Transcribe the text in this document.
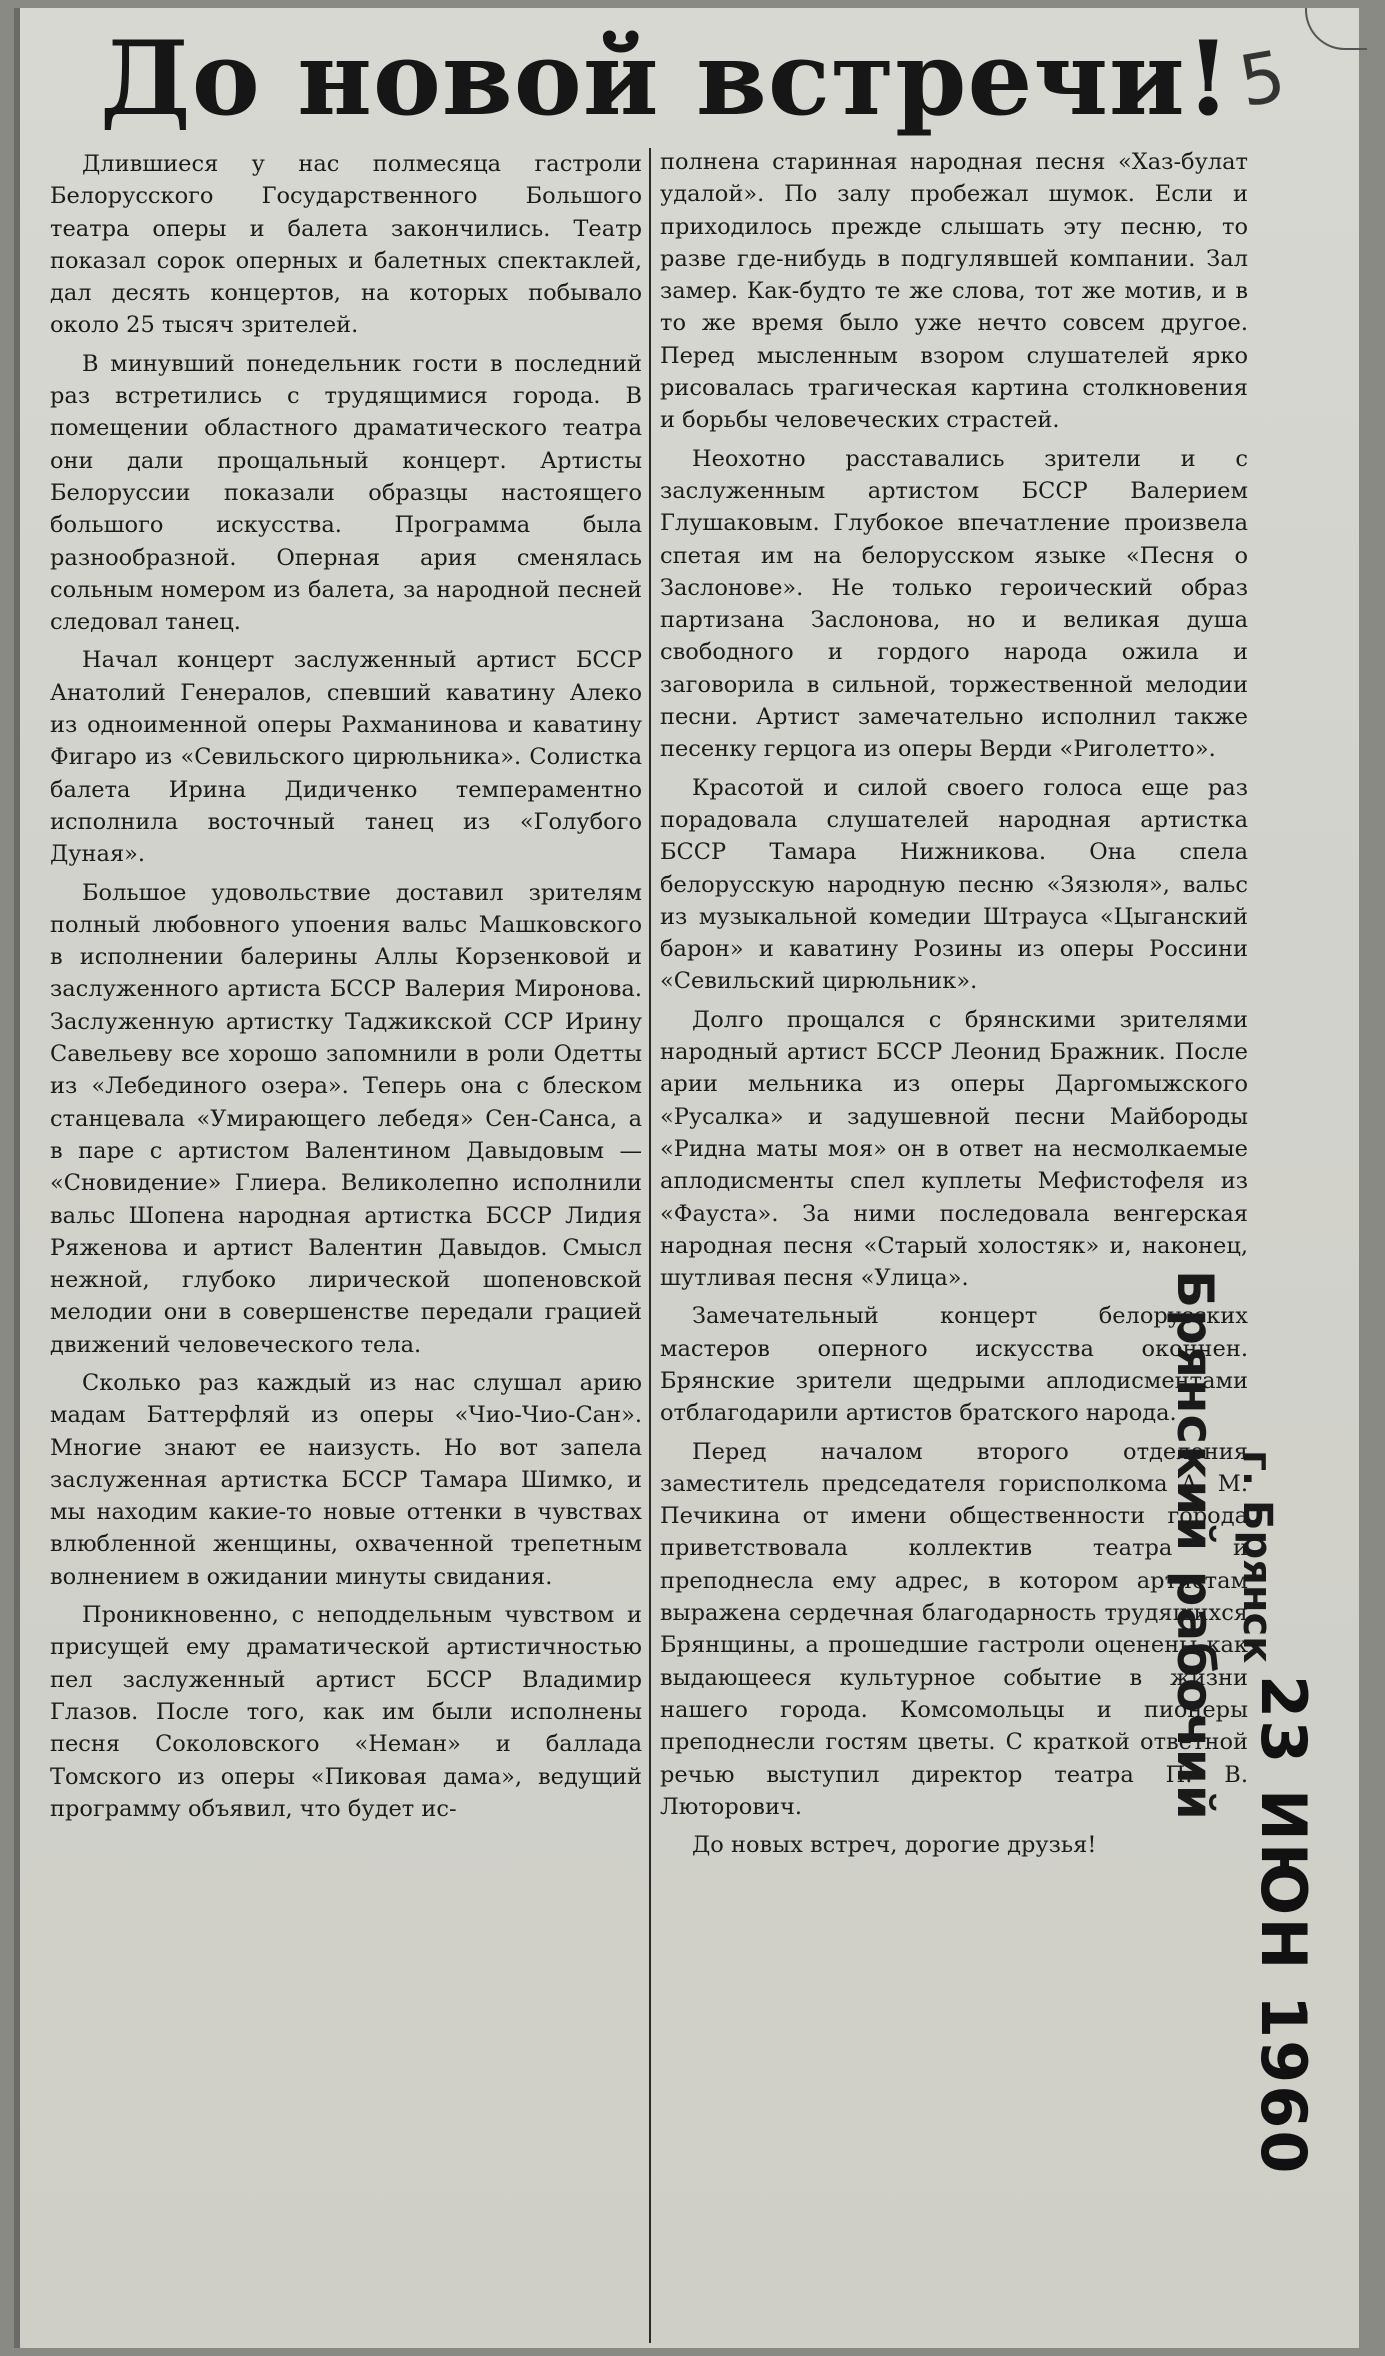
До новой встречи! 5

Длившиеся у нас полмесяца гастроли Белорусского Государственного Большого театра оперы и балета закончились. Театр показал сорок оперных и балетных спектаклей, дал десять концертов, на которых побывало около 25 тысяч зрителей.

В минувший понедельник гости в последний раз встретились с трудящимися города. В помещении областного драматического театра они дали прощальный концерт. Артисты Белоруссии показали образцы настоящего большого искусства. Программа была разнообразной. Оперная ария сменялась сольным номером из балета, за народной песней следовал танец.

Начал концерт заслуженный артист БССР Анатолий Генералов, спевший каватину Алеко из одноименной оперы Рахманинова и каватину Фигаро из «Севильского цирюльника». Солистка балета Ирина Дидиченко темпераментно исполнила восточный танец из «Голубого Дуная».

Большое удовольствие доставил зрителям полный любовного упоения вальс Машковского в исполнении балерины Аллы Корзенковой и заслуженного артиста БССР Валерия Миронова. Заслуженную артистку Таджикской ССР Ирину Савельеву все хорошо запомнили в роли Одетты из «Лебединого озера». Теперь она с блеском станцевала «Умирающего лебедя» Сен-Санса, а в паре с артистом Валентином Давыдовым — «Сновидение» Глиера. Великолепно исполнили вальс Шопена народная артистка БССР Лидия Ряженова и артист Валентин Давыдов. Смысл нежной, глубоко лирической шопеновской мелодии они в совершенстве передали грацией движений человеческого тела.

Сколько раз каждый из нас слушал арию мадам Баттерфляй из оперы «Чио-Чио-Сан». Многие знают ее наизусть. Но вот запела заслуженная артистка БССР Тамара Шимко, и мы находим какие-то новые оттенки в чувствах влюбленной женщины, охваченной трепетным волнением в ожидании минуты свидания.

Проникновенно, с неподдельным чувством и присущей ему драматической артистичностью пел заслуженный артист БССР Владимир Глазов. После того, как им были исполнены песня Соколовского «Неман» и баллада Томского из оперы «Пиковая дама», ведущий программу объявил, что будет ис-

полнена старинная народная песня «Хаз-булат удалой». По залу пробежал шумок. Если и приходилось прежде слышать эту песню, то разве где-нибудь в подгулявшей компании. Зал замер. Как-будто те же слова, тот же мотив, и в то же время было уже нечто совсем другое. Перед мысленным взором слушателей ярко рисовалась трагическая картина столкновения и борьбы человеческих страстей.

Неохотно расставались зрители и с заслуженным артистом БССР Валерием Глушаковым. Глубокое впечатление произвела спетая им на белорусском языке «Песня о Заслонове». Не только героический образ партизана Заслонова, но и великая душа свободного и гордого народа ожила и заговорила в сильной, торжественной мелодии песни. Артист замечательно исполнил также песенку герцога из оперы Верди «Риголетто».

Красотой и силой своего голоса еще раз порадовала слушателей народная артистка БССР Тамара Нижникова. Она спела белорусскую народную песню «Зязюля», вальс из музыкальной комедии Штрауса «Цыганский барон» и каватину Розины из оперы Россини «Севильский цирюльник».

Долго прощался с брянскими зрителями народный артист БССР Леонид Бражник. После арии мельника из оперы Даргомыжского «Русалка» и задушевной песни Майбороды «Ридна маты моя» он в ответ на несмолкаемые аплодисменты спел куплеты Мефистофеля из «Фауста». За ними последовала венгерская народная песня «Старый холостяк» и, наконец, шутливая песня «Улица».

Замечательный концерт белорусских мастеров оперного искусства окончен. Брянские зрители щедрыми аплодисментами отблагодарили артистов братского народа.

Перед началом второго отделения заместитель председателя горисполкома А. М. Печикина от имени общественности города приветствовала коллектив театра и преподнесла ему адрес, в котором артистам выражена сердечная благодарность трудящихся Брянщины, а прошедшие гастроли оценены как выдающееся культурное событие в жизни нашего города. Комсомольцы и пионеры преподнесли гостям цветы. С краткой ответной речью выступил директор театра П. В. Люторович.

До новых встреч, дорогие друзья!

Брянский рабочий г. Брянск
23 ИЮН 1960
